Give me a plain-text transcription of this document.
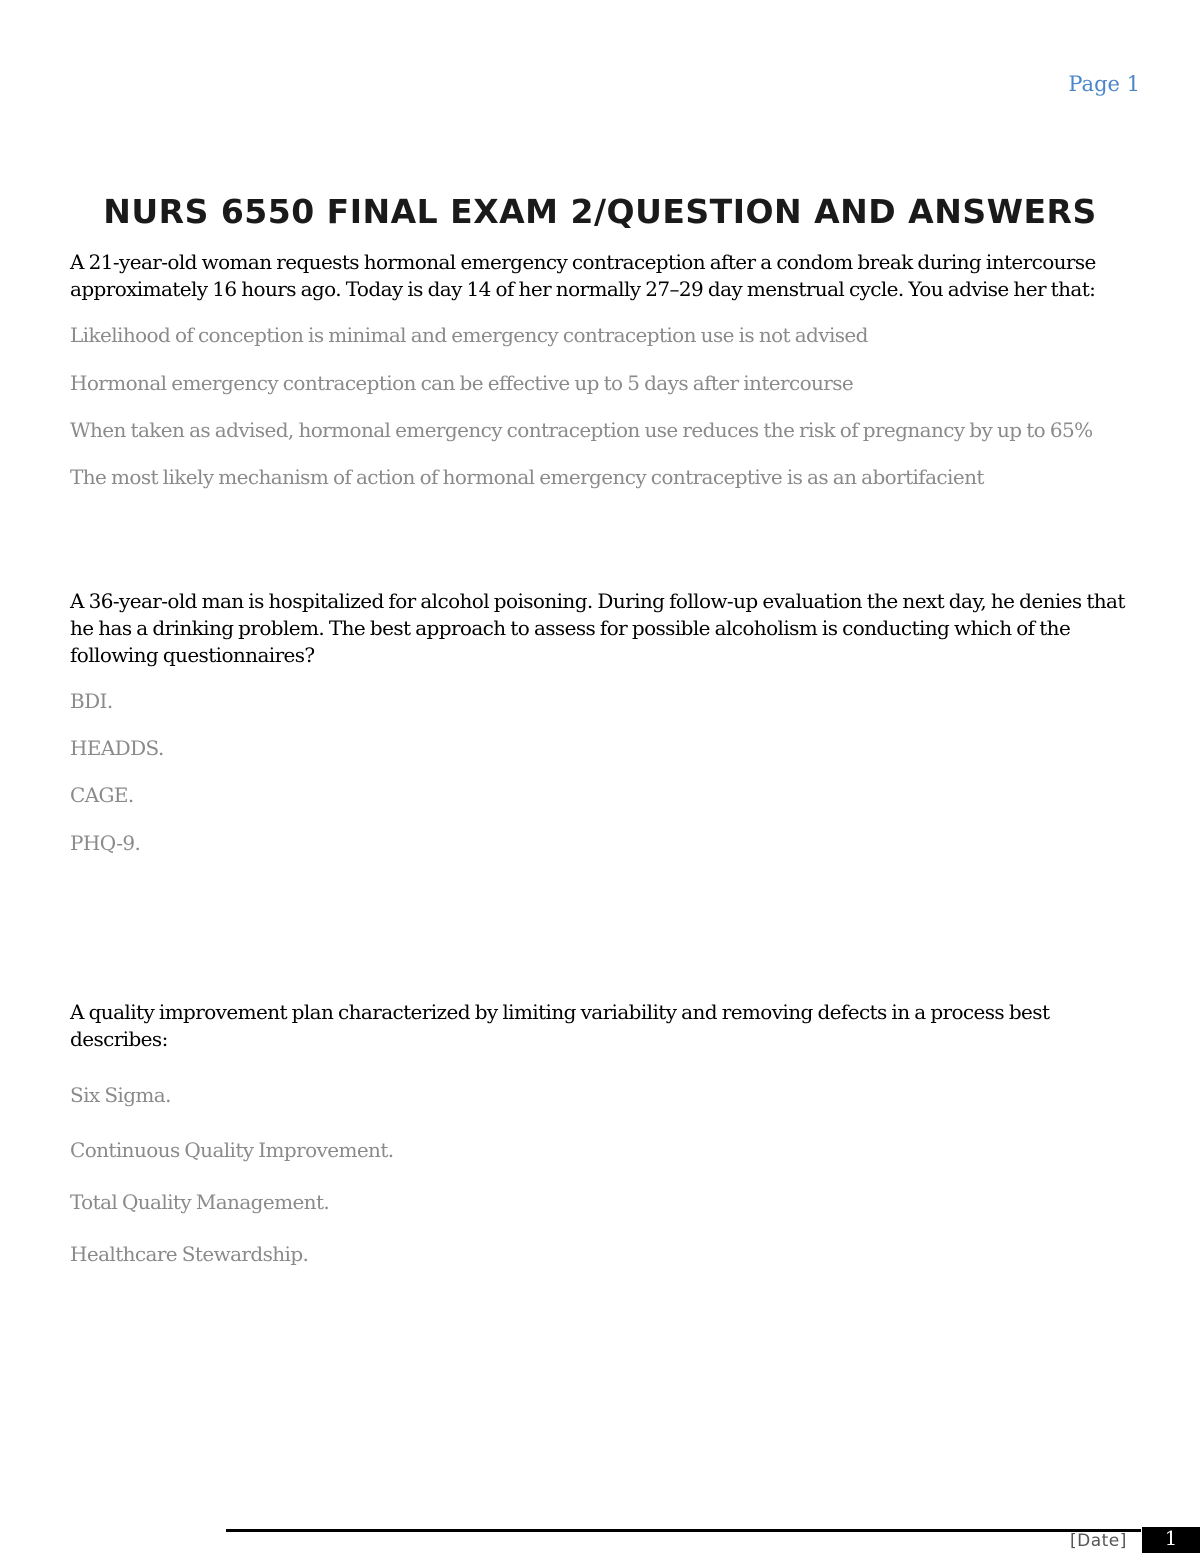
Page 1
NURS 6550 FINAL EXAM 2/QUESTION AND ANSWERS
A 21-year-old woman requests hormonal emergency contraception after a condom break during intercourse approximately 16 hours ago. Today is day 14 of her normally 27–29 day menstrual cycle. You advise her that:
Likelihood of conception is minimal and emergency contraception use is not advised
Hormonal emergency contraception can be effective up to 5 days after intercourse
When taken as advised, hormonal emergency contraception use reduces the risk of pregnancy by up to 65%
The most likely mechanism of action of hormonal emergency contraceptive is as an abortifacient
A 36-year-old man is hospitalized for alcohol poisoning. During follow-up evaluation the next day, he denies that he has a drinking problem. The best approach to assess for possible alcoholism is conducting which of the following questionnaires?
BDI.
HEADDS.
CAGE.
PHQ-9.
A quality improvement plan characterized by limiting variability and removing defects in a process best describes:
Six Sigma.
Continuous Quality Improvement.
Total Quality Management.
Healthcare Stewardship.
[Date]	1
